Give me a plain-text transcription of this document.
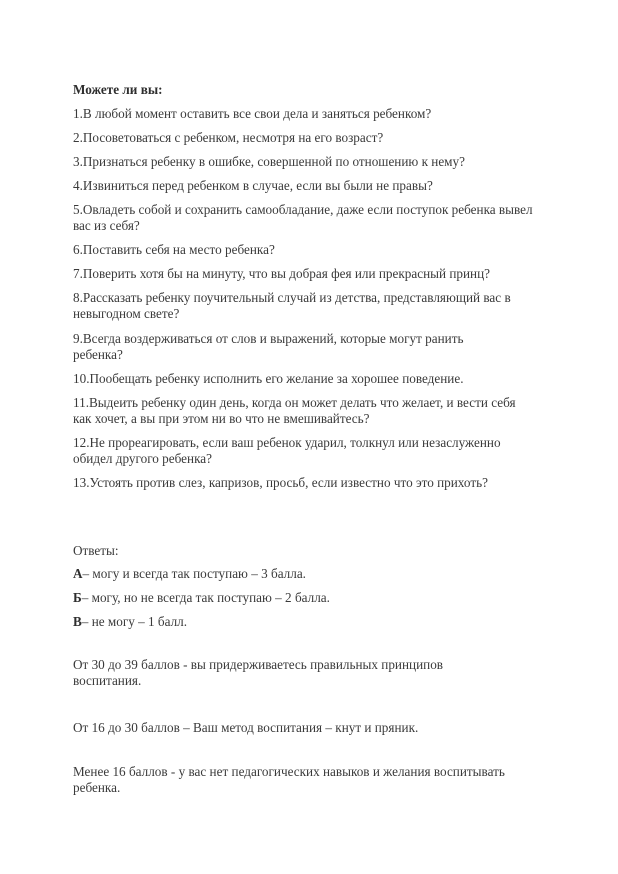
Можете ли вы:
1.В любой момент оставить все свои дела и заняться ребенком?
2.Посоветоваться с ребенком, несмотря на его возраст?
3.Признаться ребенку в ошибке, совершенной по отношению к нему?
4.Извиниться перед ребенком в случае, если вы были не правы?
5.Овладеть собой и сохранить самообладание, даже если поступок ребенка вывел вас из себя?
6.Поставить себя на место ребенка?
7.Поверить хотя бы на минуту, что вы добрая фея или прекрасный принц?
8.Рассказать ребенку поучительный случай из детства, представляющий вас в невыгодном свете?
9.Всегда воздерживаться от слов и выражений, которые могут ранить ребенка?
10.Пообещать ребенку исполнить его желание за хорошее поведение.
11.Выдеить ребенку один день, когда он может делать что желает, и вести себя как хочет, а вы при этом ни во что не вмешивайтесь?
12.Не прореагировать, если ваш ребенок ударил, толкнул или незаслуженно обидел другого ребенка?
13.Устоять против слез, капризов, просьб, если известно что это прихоть?
Ответы:
А– могу и всегда так поступаю – 3 балла.
Б– могу, но не всегда так поступаю – 2 балла.
В– не могу – 1 балл.
От 30 до 39 баллов - вы придерживаетесь правильных принципов воспитания.
От 16 до 30 баллов – Ваш метод воспитания – кнут и пряник.
Менее 16 баллов - у вас нет педагогических навыков и желания воспитывать ребенка.
